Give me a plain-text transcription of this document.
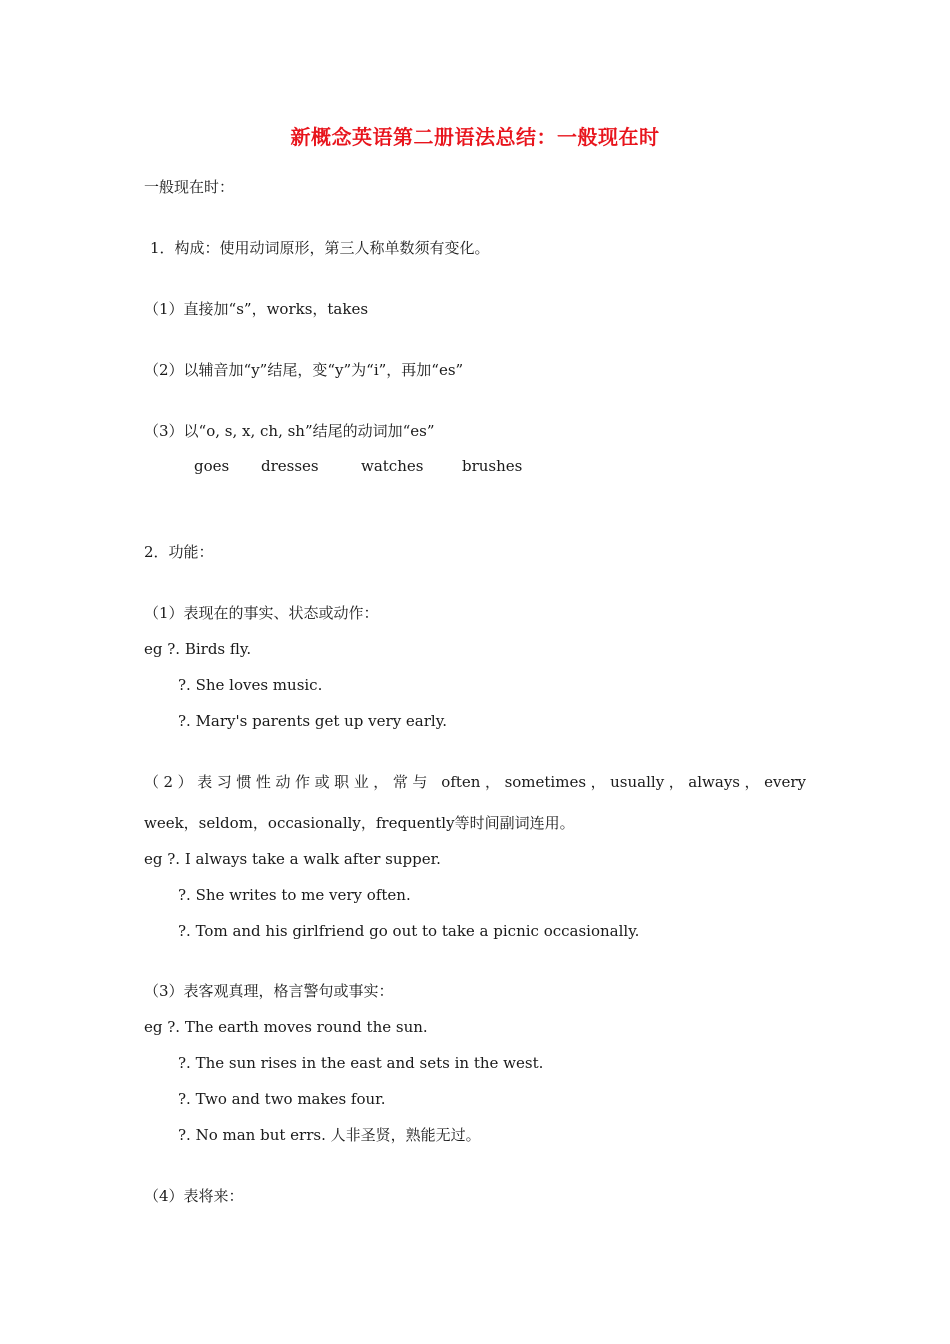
新概念英语第二册语法总结：一般现在时

一般现在时：

1．构成：使用动词原形，第三人称单数须有变化。

（1）直接加“s”，works，takes

（2）以辅音加“y”结尾，变“y”为“i”，再加“es”

（3）以“o, s, x, ch, sh”结尾的动词加“es”

goes dresses	watches	brushes

2．功能：

（1）表现在的事实、状态或动作：

eg ?. Birds fly.

?. She loves music.

?. Mary's parents get up very early.

（2）表习惯性动作或职业，常与 often，sometimes，usually，always，every

week，seldom，occasionally，frequently等时间副词连用。

eg ?. I always take a walk after supper.

?. She writes to me very often.

?. Tom and his girlfriend go out to take a picnic occasionally.

（3）表客观真理，格言警句或事实：

eg ?. The earth moves round the sun.

?. The sun rises in the east and sets in the west.

?. Two and two makes four.

?. No man but errs. 人非圣贤，熟能无过。

（4）表将来：
